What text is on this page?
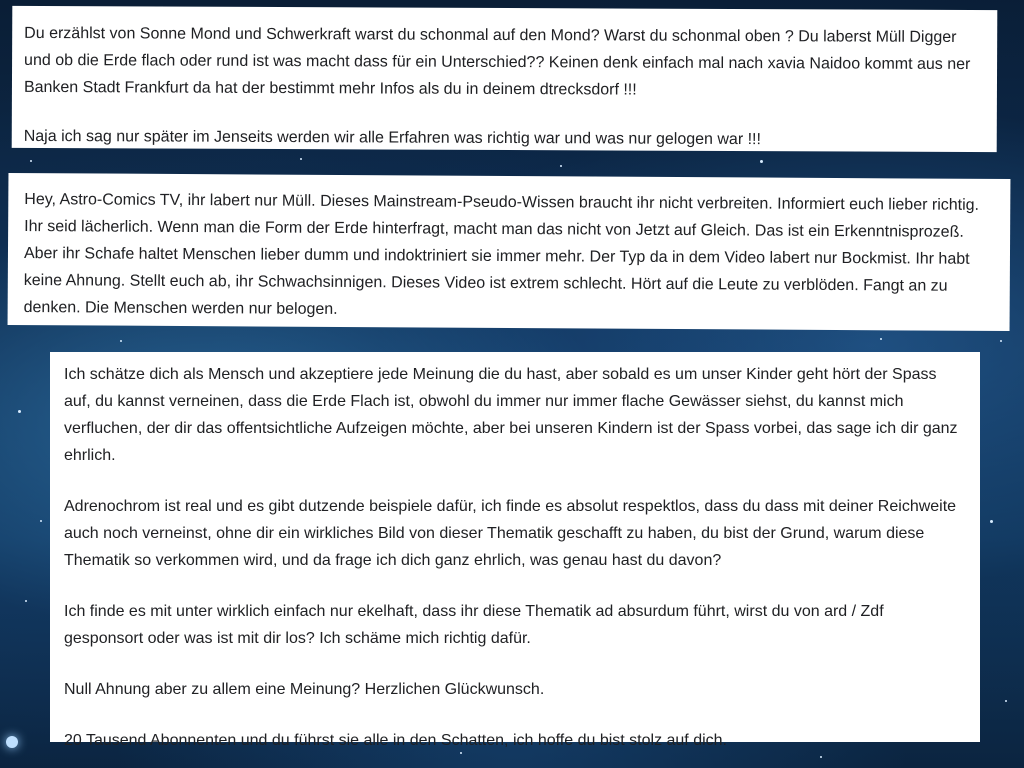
Du erzählst von Sonne Mond und Schwerkraft warst du schonmal auf den Mond? Warst du schonmal oben ? Du laberst Müll Digger und ob die Erde flach oder rund ist was macht dass für ein Unterschied?? Keinen denk einfach mal nach xavia Naidoo kommt aus ner Banken Stadt Frankfurt da hat der bestimmt mehr Infos als du in deinem dtrecksdorf !!!

Naja ich sag nur später im Jenseits werden wir alle Erfahren was richtig war und was nur gelogen war !!!

Hey, Astro-Comics TV, ihr labert nur Müll. Dieses Mainstream-Pseudo-Wissen braucht ihr nicht verbreiten. Informiert euch lieber richtig. Ihr seid lächerlich. Wenn man die Form der Erde hinterfragt, macht man das nicht von Jetzt auf Gleich. Das ist ein Erkenntnisprozeß. Aber ihr Schafe haltet Menschen lieber dumm und indoktriniert sie immer mehr. Der Typ da in dem Video labert nur Bockmist. Ihr habt keine Ahnung. Stellt euch ab, ihr Schwachsinnigen. Dieses Video ist extrem schlecht. Hört auf die Leute zu verblöden. Fangt an zu denken. Die Menschen werden nur belogen.

Ich schätze dich als Mensch und akzeptiere jede Meinung die du hast, aber sobald es um unser Kinder geht hört der Spass auf, du kannst verneinen, dass die Erde Flach ist, obwohl du immer nur immer flache Gewässer siehst, du kannst mich verfluchen, der dir das offentsichtliche Aufzeigen möchte, aber bei unseren Kindern ist der Spass vorbei, das sage ich dir ganz ehrlich.

Adrenochrom ist real und es gibt dutzende beispiele dafür, ich finde es absolut respektlos, dass du dass mit deiner Reichweite auch noch verneinst, ohne dir ein wirkliches Bild von dieser Thematik geschafft zu haben, du bist der Grund, warum diese Thematik so verkommen wird, und da frage ich dich ganz ehrlich, was genau hast du davon?

Ich finde es mit unter wirklich einfach nur ekelhaft, dass ihr diese Thematik ad absurdum führt, wirst du von ard / Zdf gesponsort oder was ist mit dir los? Ich schäme mich richtig dafür.

Null Ahnung aber zu allem eine Meinung? Herzlichen Glückwunsch.

20 Tausend Abonnenten und du führst sie alle in den Schatten, ich hoffe du bist stolz auf dich.
